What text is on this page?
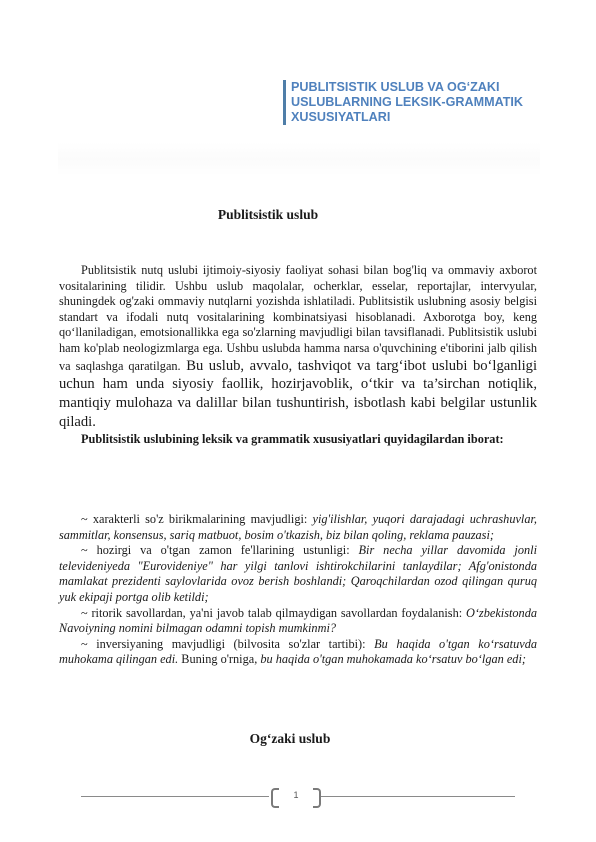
PUBLITSISTIK USLUB VA OG‘ZAKI
USLUBLARNING LEKSIK-GRAMMATIK
XUSUSIYATLARI

Publitsistik uslub

Publitsistik nutq uslubi ijtimoiy-siyosiy faoliyat sohasi bilan bog'liq va ommaviy axborot vositalarining tilidir. Ushbu uslub maqolalar, ocherklar, esselar, reportajlar, intervyular, shuningdek og'zaki ommaviy nutqlarni yozishda ishlatiladi. Publitsistik uslubning asosiy belgisi standart va ifodali nutq vositalarining kombinatsiyasi hisoblanadi. Axborotga boy, keng qo‘llaniladigan, emotsionallikka ega so'zlarning mavjudligi bilan tavsiflanadi. Publitsistik uslubi ham ko'plab neologizmlarga ega. Ushbu uslubda hamma narsa o'quvchining e'tiborini jalb qilish va saqlashga qaratilgan. Bu uslub, avvalo, tashviqot va targ‘ibot uslubi bo‘lganligi uchun ham unda siyosiy faollik, hozirjavoblik, o‘tkir va ta’sirchan notiqlik, mantiqiy mulohaza va dalillar bilan tushuntirish, isbotlash kabi belgilar ustunlik qiladi.

Publitsistik uslubining leksik va grammatik xususiyatlari quyidagilardan iborat:

~ xarakterli so'z birikmalarining mavjudligi: yig'ilishlar, yuqori darajadagi uchrashuvlar, sammitlar, konsensus, sariq matbuot, bosim o'tkazish, biz bilan qoling, reklama pauzasi;

~ hozirgi va o'tgan zamon fe'llarining ustunligi: Bir necha yillar davomida jonli televideniyeda "Eurovideniye" har yilgi tanlovi ishtirokchilarini tanlaydilar; Afg'onistonda mamlakat prezidenti saylovlarida ovoz berish boshlandi; Qaroqchilardan ozod qilingan quruq yuk ekipaji portga olib ketildi;

~ ritorik savollardan, ya'ni javob talab qilmaydigan savollardan foydalanish: O‘zbekistonda Navoiyning nomini bilmagan odamni topish mumkinmi?

~ inversiyaning mavjudligi (bilvosita so'zlar tartibi): Bu haqida o'tgan ko‘rsatuvda muhokama qilingan edi. Buning o'rniga, bu haqida o'tgan muhokamada ko‘rsatuv bo‘lgan edi;

Og‘zaki uslub
1
